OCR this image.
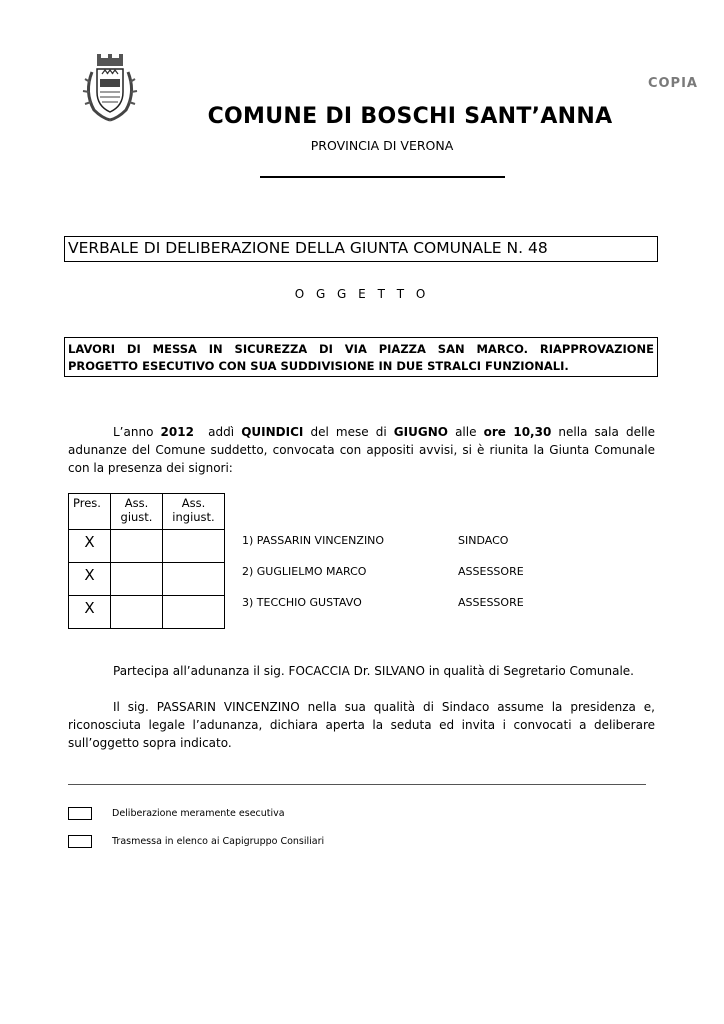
COPIA
COMUNE DI BOSCHI SANT’ANNA
PROVINCIA DI VERONA
VERBALE DI DELIBERAZIONE DELLA GIUNTA COMUNALE N. 48
O G G E T T O
LAVORI DI MESSA IN SICUREZZA DI VIA PIAZZA SAN MARCO. RIAPPROVAZIONE
PROGETTO ESECUTIVO CON SUA SUDDIVISIONE IN DUE STRALCI FUNZIONALI.
L’anno 2012  addì QUINDICI del mese di GIUGNO alle ore 10,30 nella sala delle adunanze del Comune suddetto, convocata con appositi avvisi, si è riunita la Giunta Comunale con la presenza dei signori:
Pres.	Ass. giust.	Ass. ingiust.
X		
X		
X		
1) PASSARIN VINCENZINO	SINDACO
2) GUGLIELMO MARCO	ASSESSORE
3) TECCHIO GUSTAVO	ASSESSORE
Partecipa all’adunanza il sig. FOCACCIA Dr. SILVANO in qualità di Segretario Comunale.
Il sig. PASSARIN VINCENZINO nella sua qualità di Sindaco assume la presidenza e, riconosciuta legale l’adunanza, dichiara aperta la seduta ed invita i convocati a deliberare sull’oggetto sopra indicato.
Deliberazione meramente esecutiva
Trasmessa in elenco ai Capigruppo Consiliari
